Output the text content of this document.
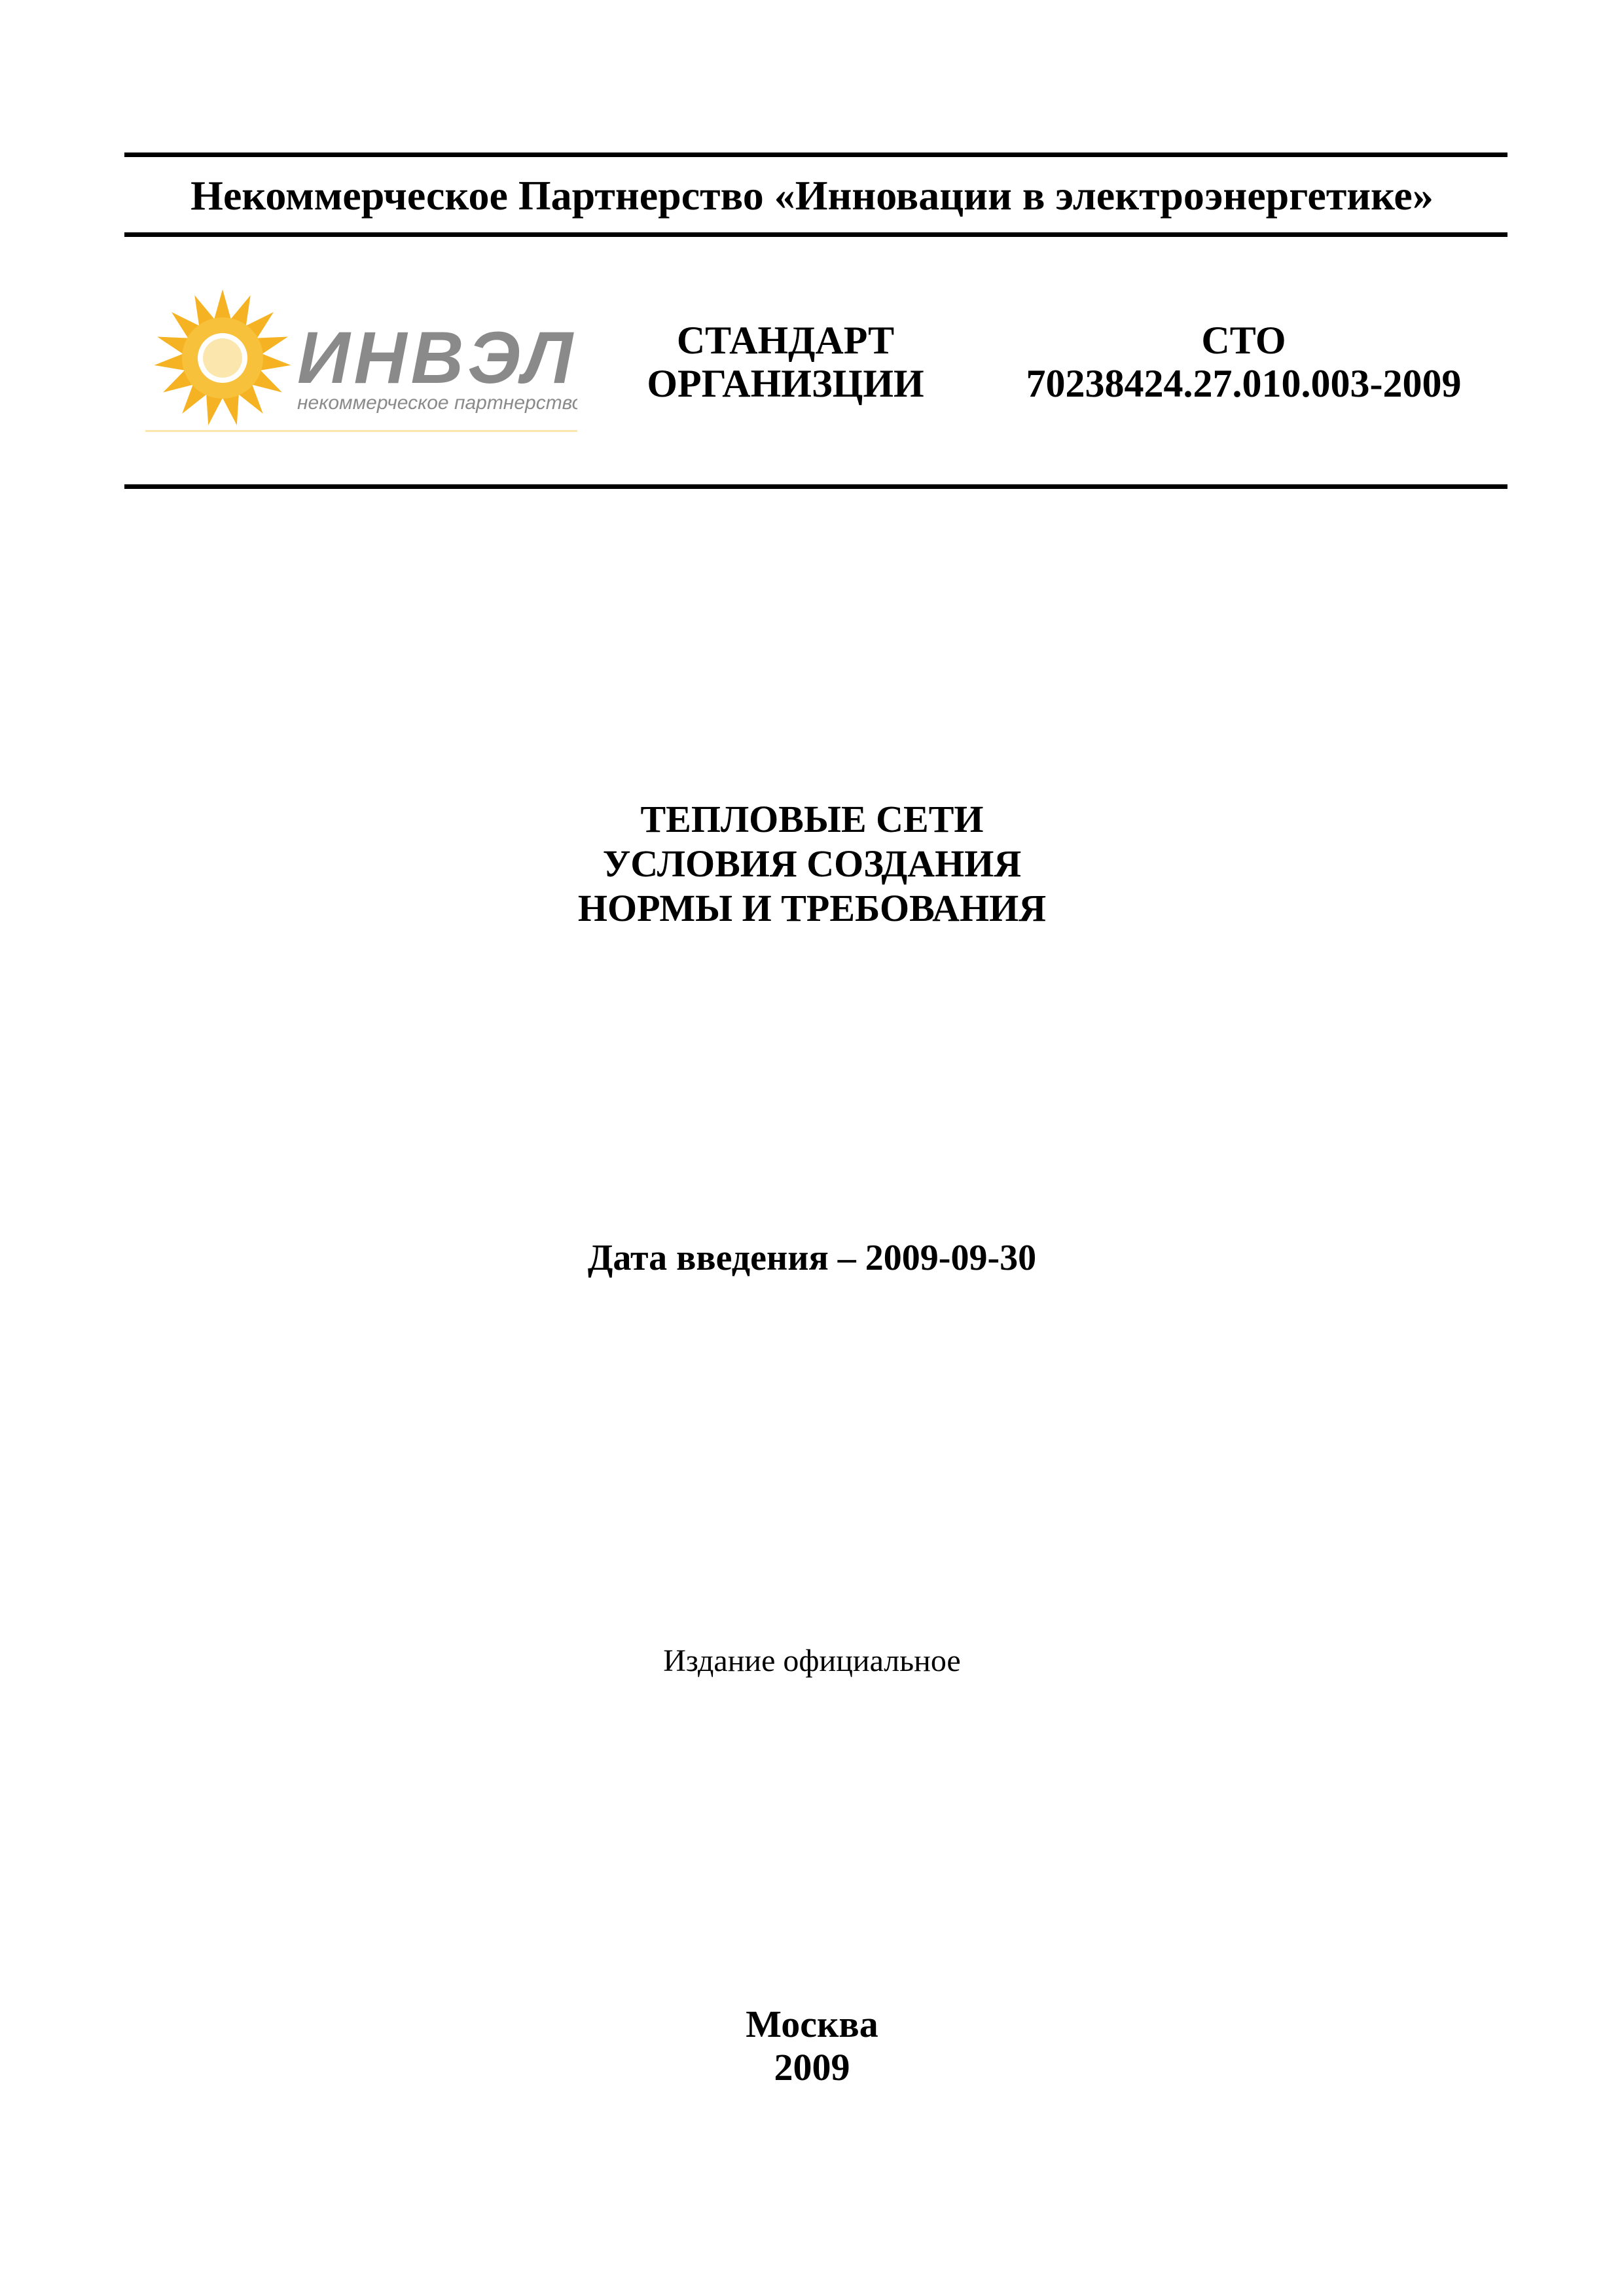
Некоммерческое Партнерство «Инновации в электроэнергетике»
ИНВЭЛ
некоммерческое партнерство
СТАНДАРТ
ОРГАНИЗЦИИ
СТО
70238424.27.010.003-2009
ТЕПЛОВЫЕ СЕТИ
УСЛОВИЯ СОЗДАНИЯ
НОРМЫ И ТРЕБОВАНИЯ
Дата введения – 2009-09-30
Издание официальное
Москва
2009
